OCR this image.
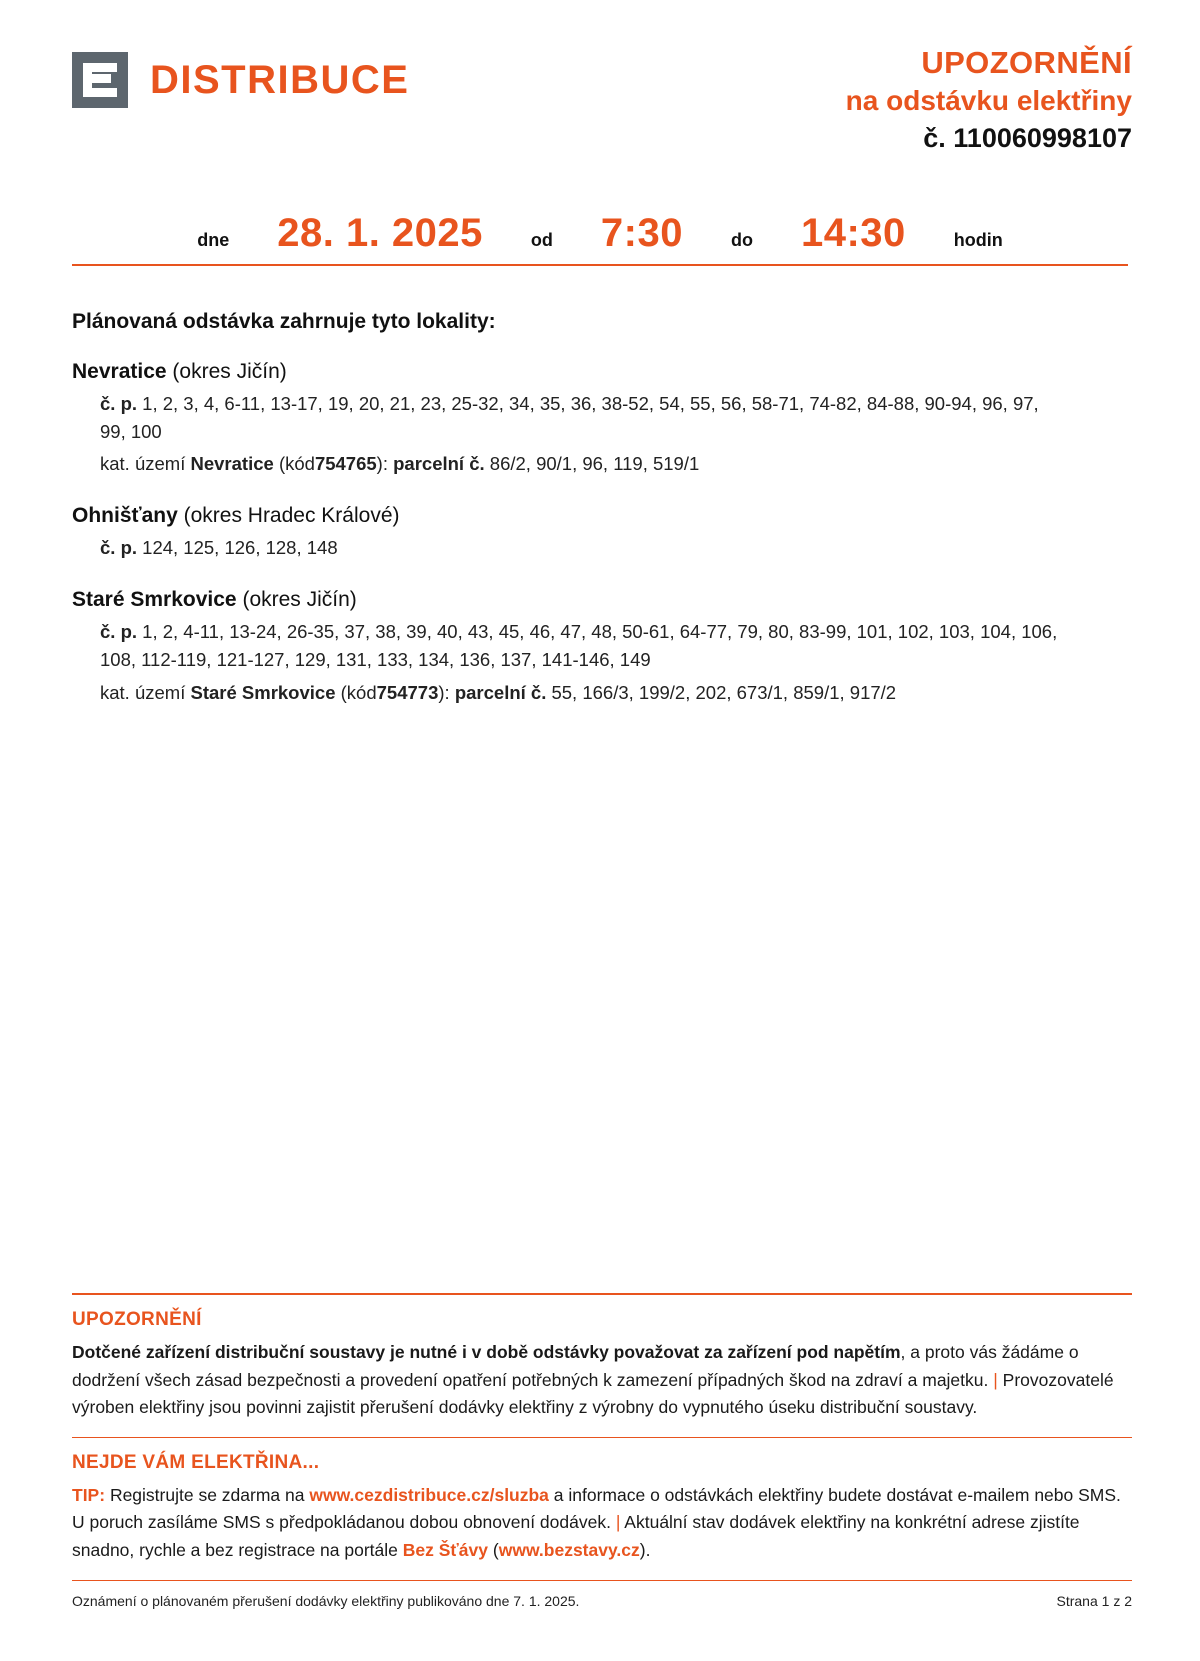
DISTRIBUCE	UPOZORNĚNÍ
na odstávku elektřiny
č. 110060998107
dne 28. 1. 2025	od 7:30	do 14:30	hodin
Plánovaná odstávka zahrnuje tyto lokality:
Nevratice (okres Jičín)
č. p. 1, 2, 3, 4, 6-11, 13-17, 19, 20, 21, 23, 25-32, 34, 35, 36, 38-52, 54, 55, 56, 58-71, 74-82, 84-88, 90-94, 96, 97, 99, 100
kat. území Nevratice (kód754765): parcelní č. 86/2, 90/1, 96, 119, 519/1
Ohnišťany (okres Hradec Králové)
č. p. 124, 125, 126, 128, 148
Staré Smrkovice (okres Jičín)
č. p. 1, 2, 4-11, 13-24, 26-35, 37, 38, 39, 40, 43, 45, 46, 47, 48, 50-61, 64-77, 79, 80, 83-99, 101, 102, 103, 104, 106, 108, 112-119, 121-127, 129, 131, 133, 134, 136, 137, 141-146, 149
kat. území Staré Smrkovice (kód754773): parcelní č. 55, 166/3, 199/2, 202, 673/1, 859/1, 917/2
UPOZORNĚNÍ
Dotčené zařízení distribuční soustavy je nutné i v době odstávky považovat za zařízení pod napětím, a proto vás žádáme o dodržení všech zásad bezpečnosti a provedení opatření potřebných k zamezení případných škod na zdraví a majetku. | Provozovatelé výroben elektřiny jsou povinni zajistit přerušení dodávky elektřiny z výrobny do vypnutého úseku distribuční soustavy.
NEJDE VÁM ELEKTŘINA...
TIP: Registrujte se zdarma na www.cezdistribuce.cz/sluzba a informace o odstávkách elektřiny budete dostávat e-mailem nebo SMS. U poruch zasíláme SMS s předpokládanou dobou obnovení dodávek. | Aktuální stav dodávek elektřiny na konkrétní adrese zjistíte snadno, rychle a bez registrace na portále Bez Šťávy (www.bezstavy.cz).
Oznámení o plánovaném přerušení dodávky elektřiny publikováno dne 7. 1. 2025.	Strana 1 z 2
